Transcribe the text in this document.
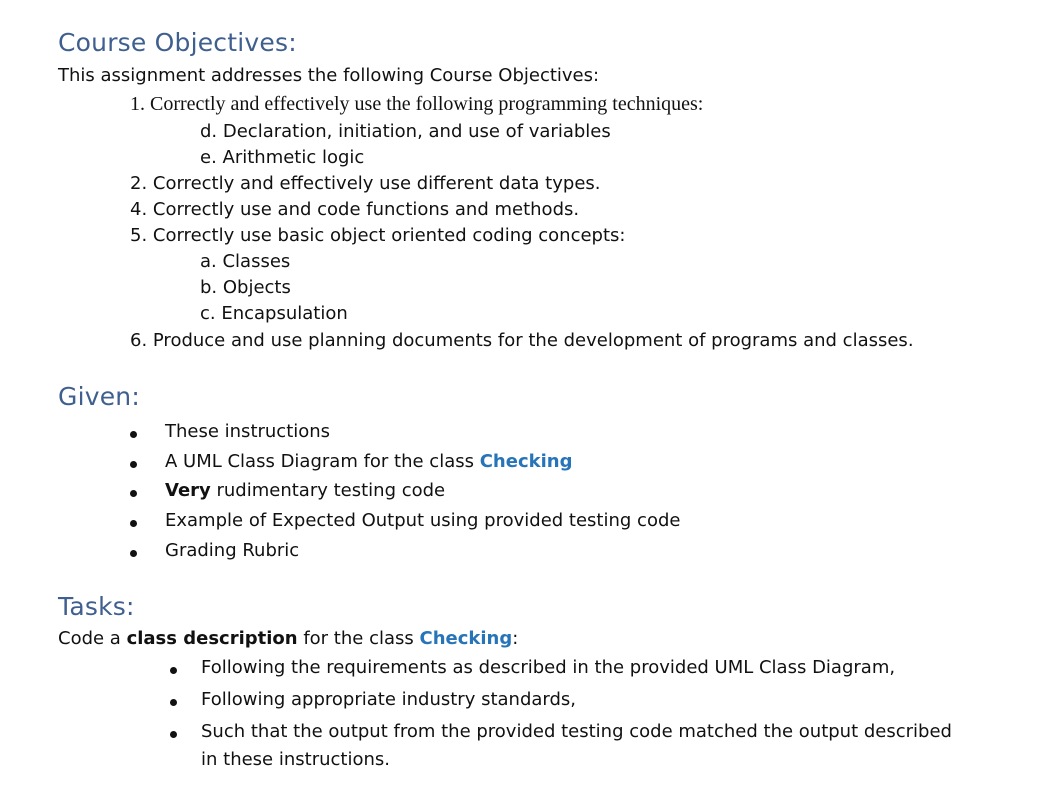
Course Objectives:
This assignment addresses the following Course Objectives:
1. Correctly and effectively use the following programming techniques:
d. Declaration, initiation, and use of variables
e. Arithmetic logic
2. Correctly and effectively use different data types.
4. Correctly use and code functions and methods.
5. Correctly use basic object oriented coding concepts:
a. Classes
b. Objects
c. Encapsulation
6. Produce and use planning documents for the development of programs and classes.
Given:
These instructions
A UML Class Diagram for the class Checking
Very rudimentary testing code
Example of Expected Output using provided testing code
Grading Rubric
Tasks:
Code a class description for the class Checking:
Following the requirements as described in the provided UML Class Diagram,
Following appropriate industry standards,
Such that the output from the provided testing code matched the output described
in these instructions.
